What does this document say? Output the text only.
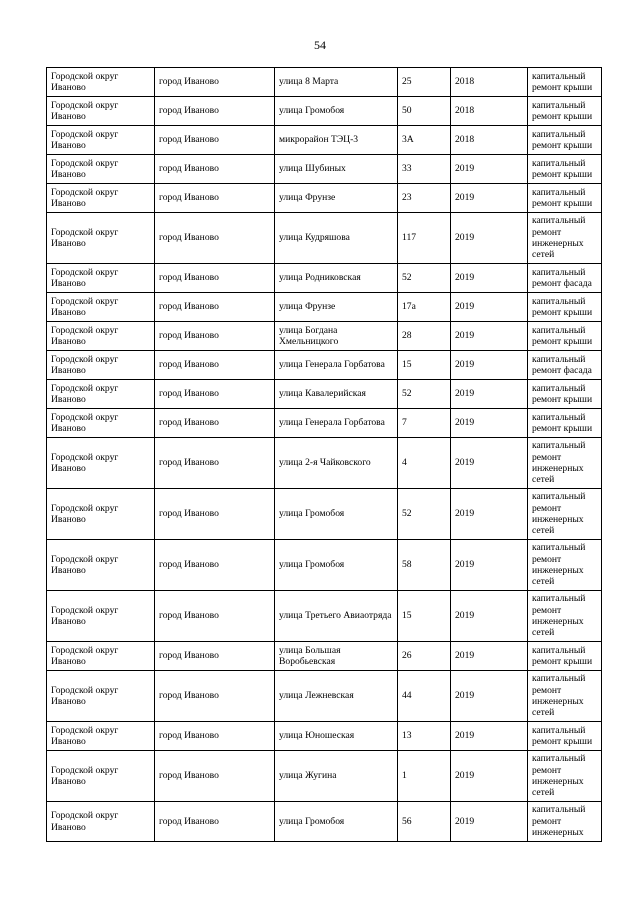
54
Городской округ Иваново	город Иваново	улица 8 Марта	25	2018	капитальный ремонт крыши
Городской округ Иваново	город Иваново	улица Громобоя	50	2018	капитальный ремонт крыши
Городской округ Иваново	город Иваново	микрорайон ТЭЦ-3	3А	2018	капитальный ремонт крыши
Городской округ Иваново	город Иваново	улица Шубиных	33	2019	капитальный ремонт крыши
Городской округ Иваново	город Иваново	улица Фрунзе	23	2019	капитальный ремонт крыши
Городской округ Иваново	город Иваново	улица Кудряшова	117	2019	капитальный ремонт инженерных сетей
Городской округ Иваново	город Иваново	улица Родниковская	52	2019	капитальный ремонт фасада
Городской округ Иваново	город Иваново	улица Фрунзе	17а	2019	капитальный ремонт крыши
Городской округ Иваново	город Иваново	улица Богдана Хмельницкого	28	2019	капитальный ремонт крыши
Городской округ Иваново	город Иваново	улица Генерала Горбатова	15	2019	капитальный ремонт фасада
Городской округ Иваново	город Иваново	улица Кавалерийская	52	2019	капитальный ремонт крыши
Городской округ Иваново	город Иваново	улица Генерала Горбатова	7	2019	капитальный ремонт крыши
Городской округ Иваново	город Иваново	улица 2-я Чайковского	4	2019	капитальный ремонт инженерных сетей
Городской округ Иваново	город Иваново	улица Громобоя	52	2019	капитальный ремонт инженерных сетей
Городской округ Иваново	город Иваново	улица Громобоя	58	2019	капитальный ремонт инженерных сетей
Городской округ Иваново	город Иваново	улица Третьего Авиаотряда	15	2019	капитальный ремонт инженерных сетей
Городской округ Иваново	город Иваново	улица Большая Воробьевская	26	2019	капитальный ремонт крыши
Городской округ Иваново	город Иваново	улица Лежневская	44	2019	капитальный ремонт инженерных сетей
Городской округ Иваново	город Иваново	улица Юношеская	13	2019	капитальный ремонт крыши
Городской округ Иваново	город Иваново	улица Жугина	1	2019	капитальный ремонт инженерных сетей
Городской округ Иваново	город Иваново	улица Громобоя	56	2019	капитальный ремонт инженерных
